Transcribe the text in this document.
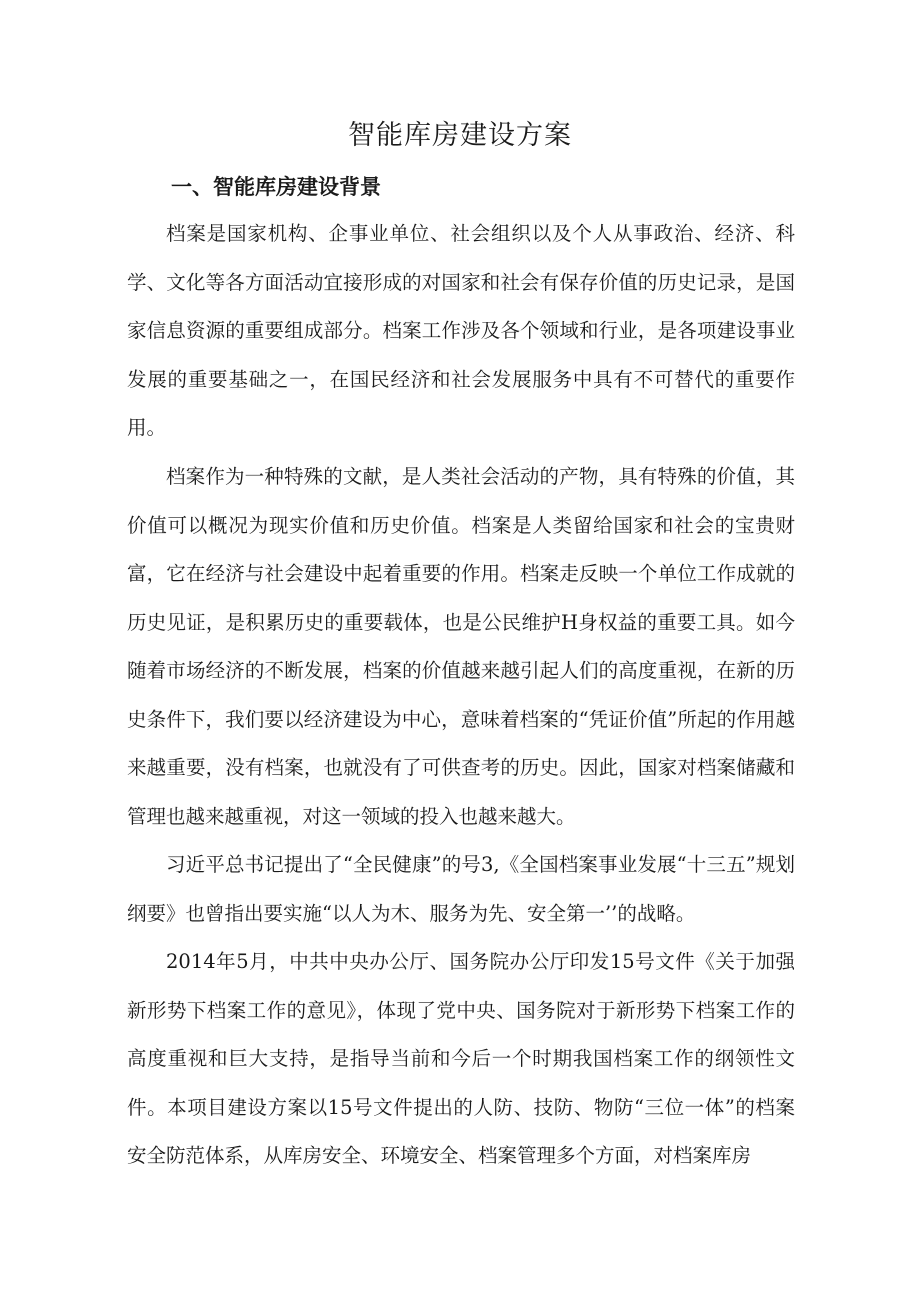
智能库房建设方案
一、智能库房建设背景

档案是国家机构、企事业单位、社会组织以及个人从事政治、经济、科学、文化等各方面活动宜接形成的对国家和社会有保存价值的历史记录，是国家信息资源的重要组成部分。档案工作涉及各个领域和行业，是各项建设事业发展的重要基础之一，在国民经济和社会发展服务中具有不可替代的重要作用。

档案作为一种特殊的文献，是人类社会活动的产物，具有特殊的价值，其价值可以概况为现实价值和历史价值。档案是人类留给国家和社会的宝贵财富，它在经济与社会建设中起着重要的作用。档案走反映一个单位工作成就的历史见证，是积累历史的重要载体，也是公民维护H身权益的重要工具。如今随着市场经济的不断发展，档案的价值越来越引起人们的高度重视，在新的历史条件下，我们要以经济建设为中心，意味着档案的“凭证价值”所起的作用越来越重要，没有档案，也就没有了可供查考的历史。因此，国家对档案储藏和管理也越来越重视，对这一领域的投入也越来越大。

习近平总书记提出了“全民健康”的号3,《全国档案事业发展“十三五”规划纲要》也曾指出要实施“以人为木、服务为先、安全第一’’的战略。

2014年5月，中共中央办公厅、国务院办公厅印发15号文件《关于加强新形势下档案工作的意见》，体现了党中央、国务院对于新形势下档案工作的高度重视和巨大支持，是指导当前和今后一个时期我国档案工作的纲领性文件。本项目建设方案以15号文件提出的人防、技防、物防“三位一体”的档案安全防范体系，从库房安全、环境安全、档案管理多个方面，对档案库房
